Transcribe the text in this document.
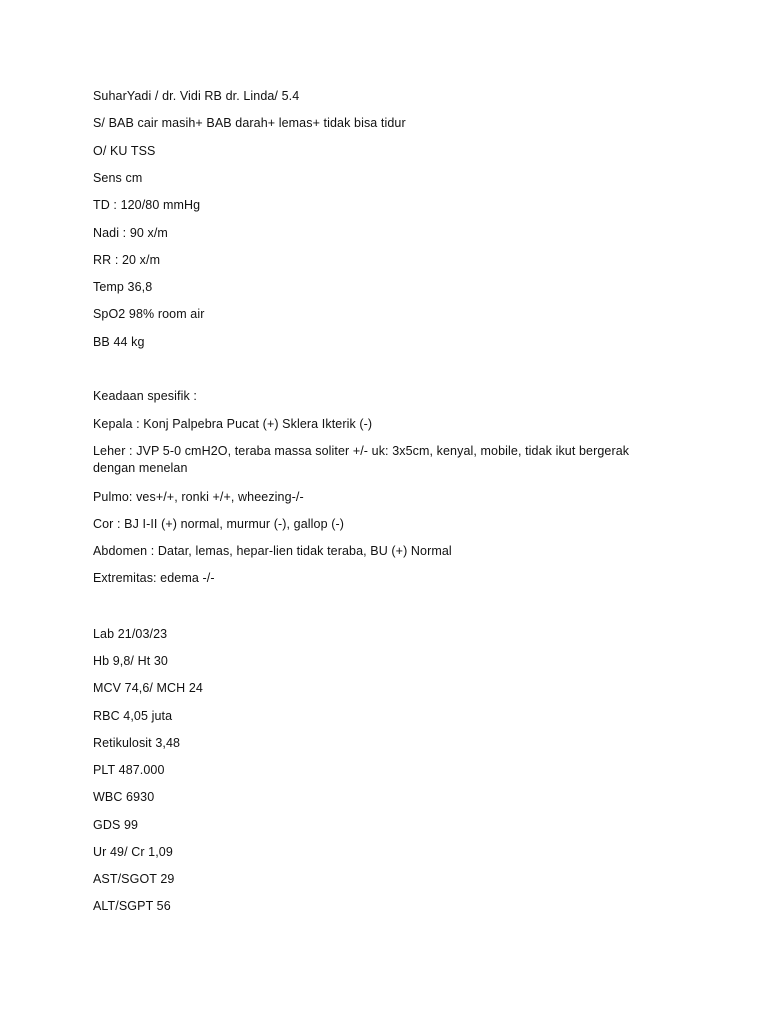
SuharYadi / dr. Vidi RB dr. Linda/ 5.4
S/ BAB cair masih+ BAB darah+ lemas+ tidak bisa tidur
O/ KU TSS
Sens cm
TD : 120/80 mmHg
Nadi : 90 x/m
RR : 20 x/m
Temp 36,8
SpO2 98% room air
BB 44 kg
Keadaan spesifik :
Kepala : Konj Palpebra Pucat (+) Sklera Ikterik (-)
Leher : JVP 5-0 cmH2O, teraba massa soliter +/- uk: 3x5cm, kenyal, mobile, tidak ikut bergerak dengan menelan
Pulmo: ves+/+, ronki +/+, wheezing-/-
Cor : BJ I-II (+) normal, murmur (-), gallop (-)
Abdomen : Datar, lemas, hepar-lien tidak teraba, BU (+) Normal
Extremitas: edema -/-
Lab 21/03/23
Hb 9,8/ Ht 30
MCV 74,6/ MCH 24
RBC 4,05 juta
Retikulosit 3,48
PLT 487.000
WBC 6930
GDS 99
Ur 49/ Cr 1,09
AST/SGOT 29
ALT/SGPT 56
